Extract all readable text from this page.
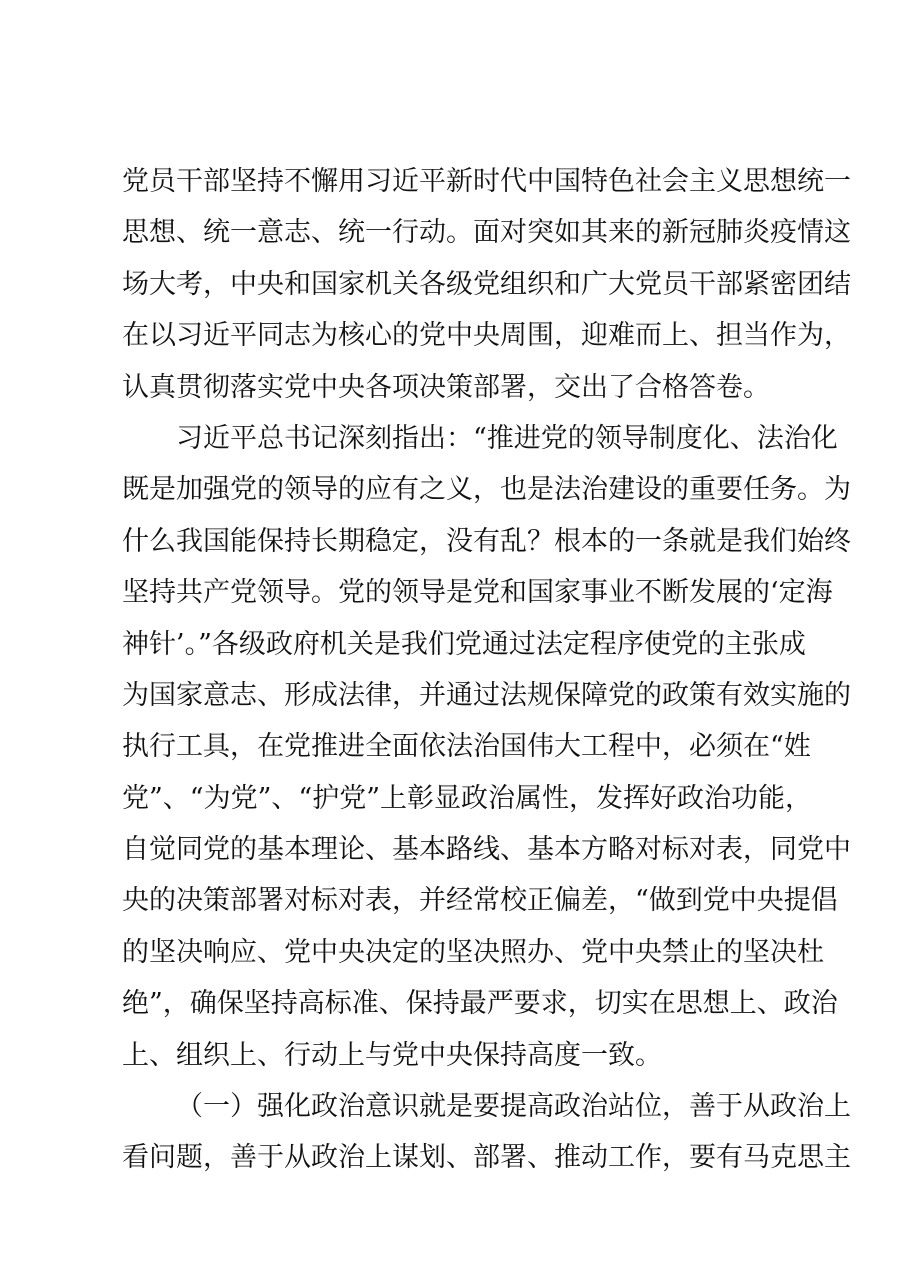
党员干部坚持不懈用习近平新时代中国特色社会主义思想统一
思想、统一意志、统一行动。面对突如其来的新冠肺炎疫情这
场大考，中央和国家机关各级党组织和广大党员干部紧密团结
在以习近平同志为核心的党中央周围，迎难而上、担当作为，
认真贯彻落实党中央各项决策部署，交出了合格答卷。
习近平总书记深刻指出：“推进党的领导制度化、法治化
既是加强党的领导的应有之义，也是法治建设的重要任务。为
什么我国能保持长期稳定，没有乱？根本的一条就是我们始终
坚持共产党领导。党的领导是党和国家事业不断发展的‘定海
神针’。”各级政府机关是我们党通过法定程序使党的主张成
为国家意志、形成法律，并通过法规保障党的政策有效实施的
执行工具，在党推进全面依法治国伟大工程中，必须在“姓
党”、“为党”、“护党”上彰显政治属性，发挥好政治功能，
自觉同党的基本理论、基本路线、基本方略对标对表，同党中
央的决策部署对标对表，并经常校正偏差，“做到党中央提倡
的坚决响应、党中央决定的坚决照办、党中央禁止的坚决杜
绝”，确保坚持高标准、保持最严要求，切实在思想上、政治
上、组织上、行动上与党中央保持高度一致。
（一）强化政治意识就是要提高政治站位，善于从政治上
看问题，善于从政治上谋划、部署、推动工作，要有马克思主
